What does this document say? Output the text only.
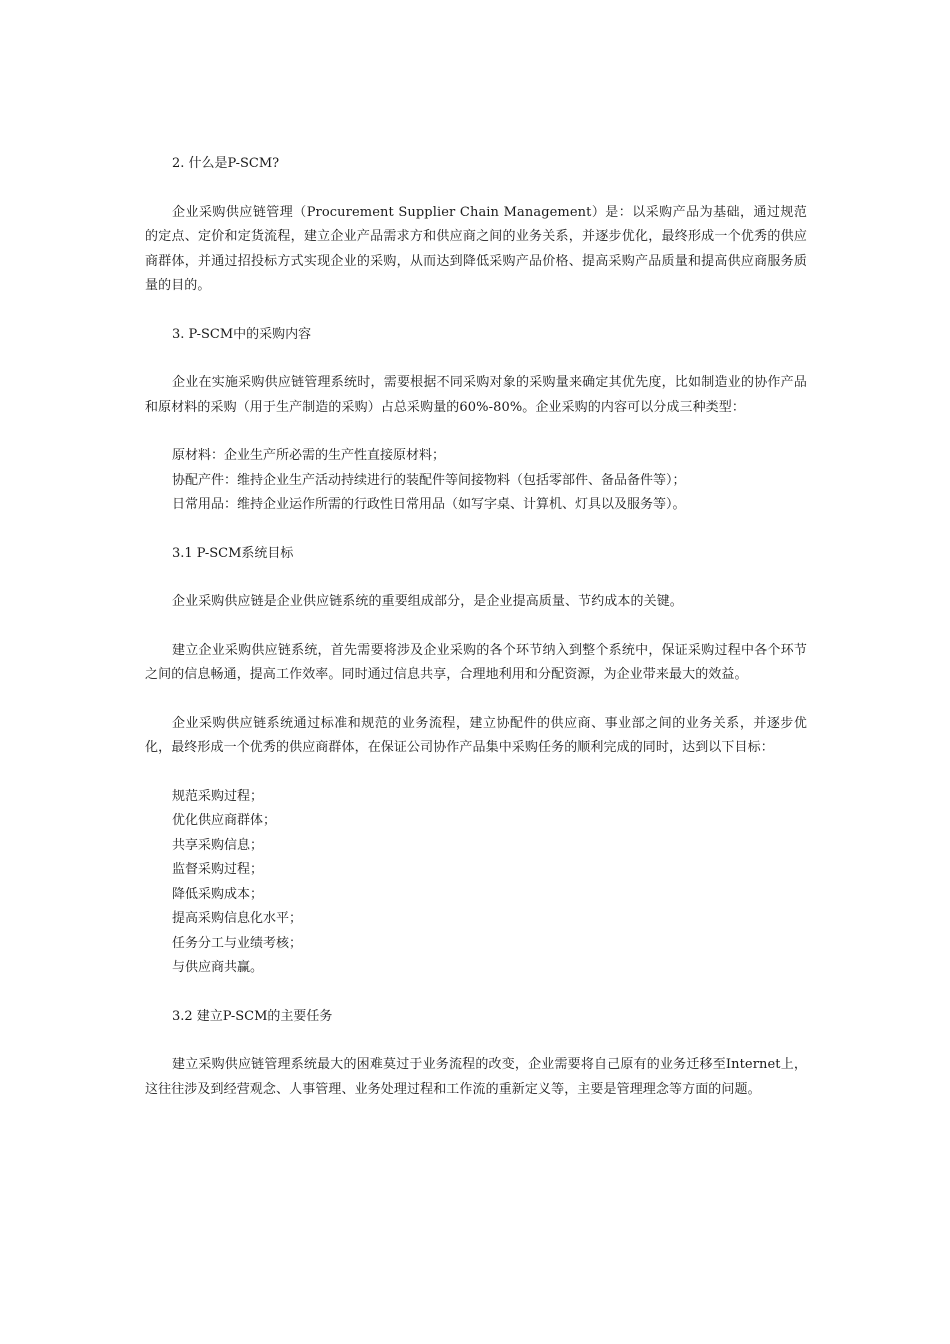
2. 什么是P-SCM?

企业采购供应链管理（Procurement Supplier Chain Management）是：以采购产品为基础，通过规范的定点、定价和定货流程，建立企业产品需求方和供应商之间的业务关系，并逐步优化，最终形成一个优秀的供应商群体，并通过招投标方式实现企业的采购，从而达到降低采购产品价格、提高采购产品质量和提高供应商服务质量的目的。

3. P-SCM中的采购内容

企业在实施采购供应链管理系统时，需要根据不同采购对象的采购量来确定其优先度，比如制造业的协作产品和原材料的采购（用于生产制造的采购）占总采购量的60%-80%。企业采购的内容可以分成三种类型：

原材料：企业生产所必需的生产性直接原材料；
协配产件：维持企业生产活动持续进行的装配件等间接物料（包括零部件、备品备件等）；
日常用品：维持企业运作所需的行政性日常用品（如写字桌、计算机、灯具以及服务等）。
3.1 P-SCM系统目标

企业采购供应链是企业供应链系统的重要组成部分，是企业提高质量、节约成本的关键。

建立企业采购供应链系统，首先需要将涉及企业采购的各个环节纳入到整个系统中，保证采购过程中各个环节之间的信息畅通，提高工作效率。同时通过信息共享，合理地利用和分配资源，为企业带来最大的效益。

企业采购供应链系统通过标准和规范的业务流程，建立协配件的供应商、事业部之间的业务关系，并逐步优化，最终形成一个优秀的供应商群体，在保证公司协作产品集中采购任务的顺利完成的同时，达到以下目标：

规范采购过程；
优化供应商群体；
共享采购信息；
监督采购过程；
降低采购成本；
提高采购信息化水平；
任务分工与业绩考核；
与供应商共赢。
3.2 建立P-SCM的主要任务

建立采购供应链管理系统最大的困难莫过于业务流程的改变，企业需要将自己原有的业务迁移至Internet上，这往往涉及到经营观念、人事管理、业务处理过程和工作流的重新定义等，主要是管理理念等方面的问题。
